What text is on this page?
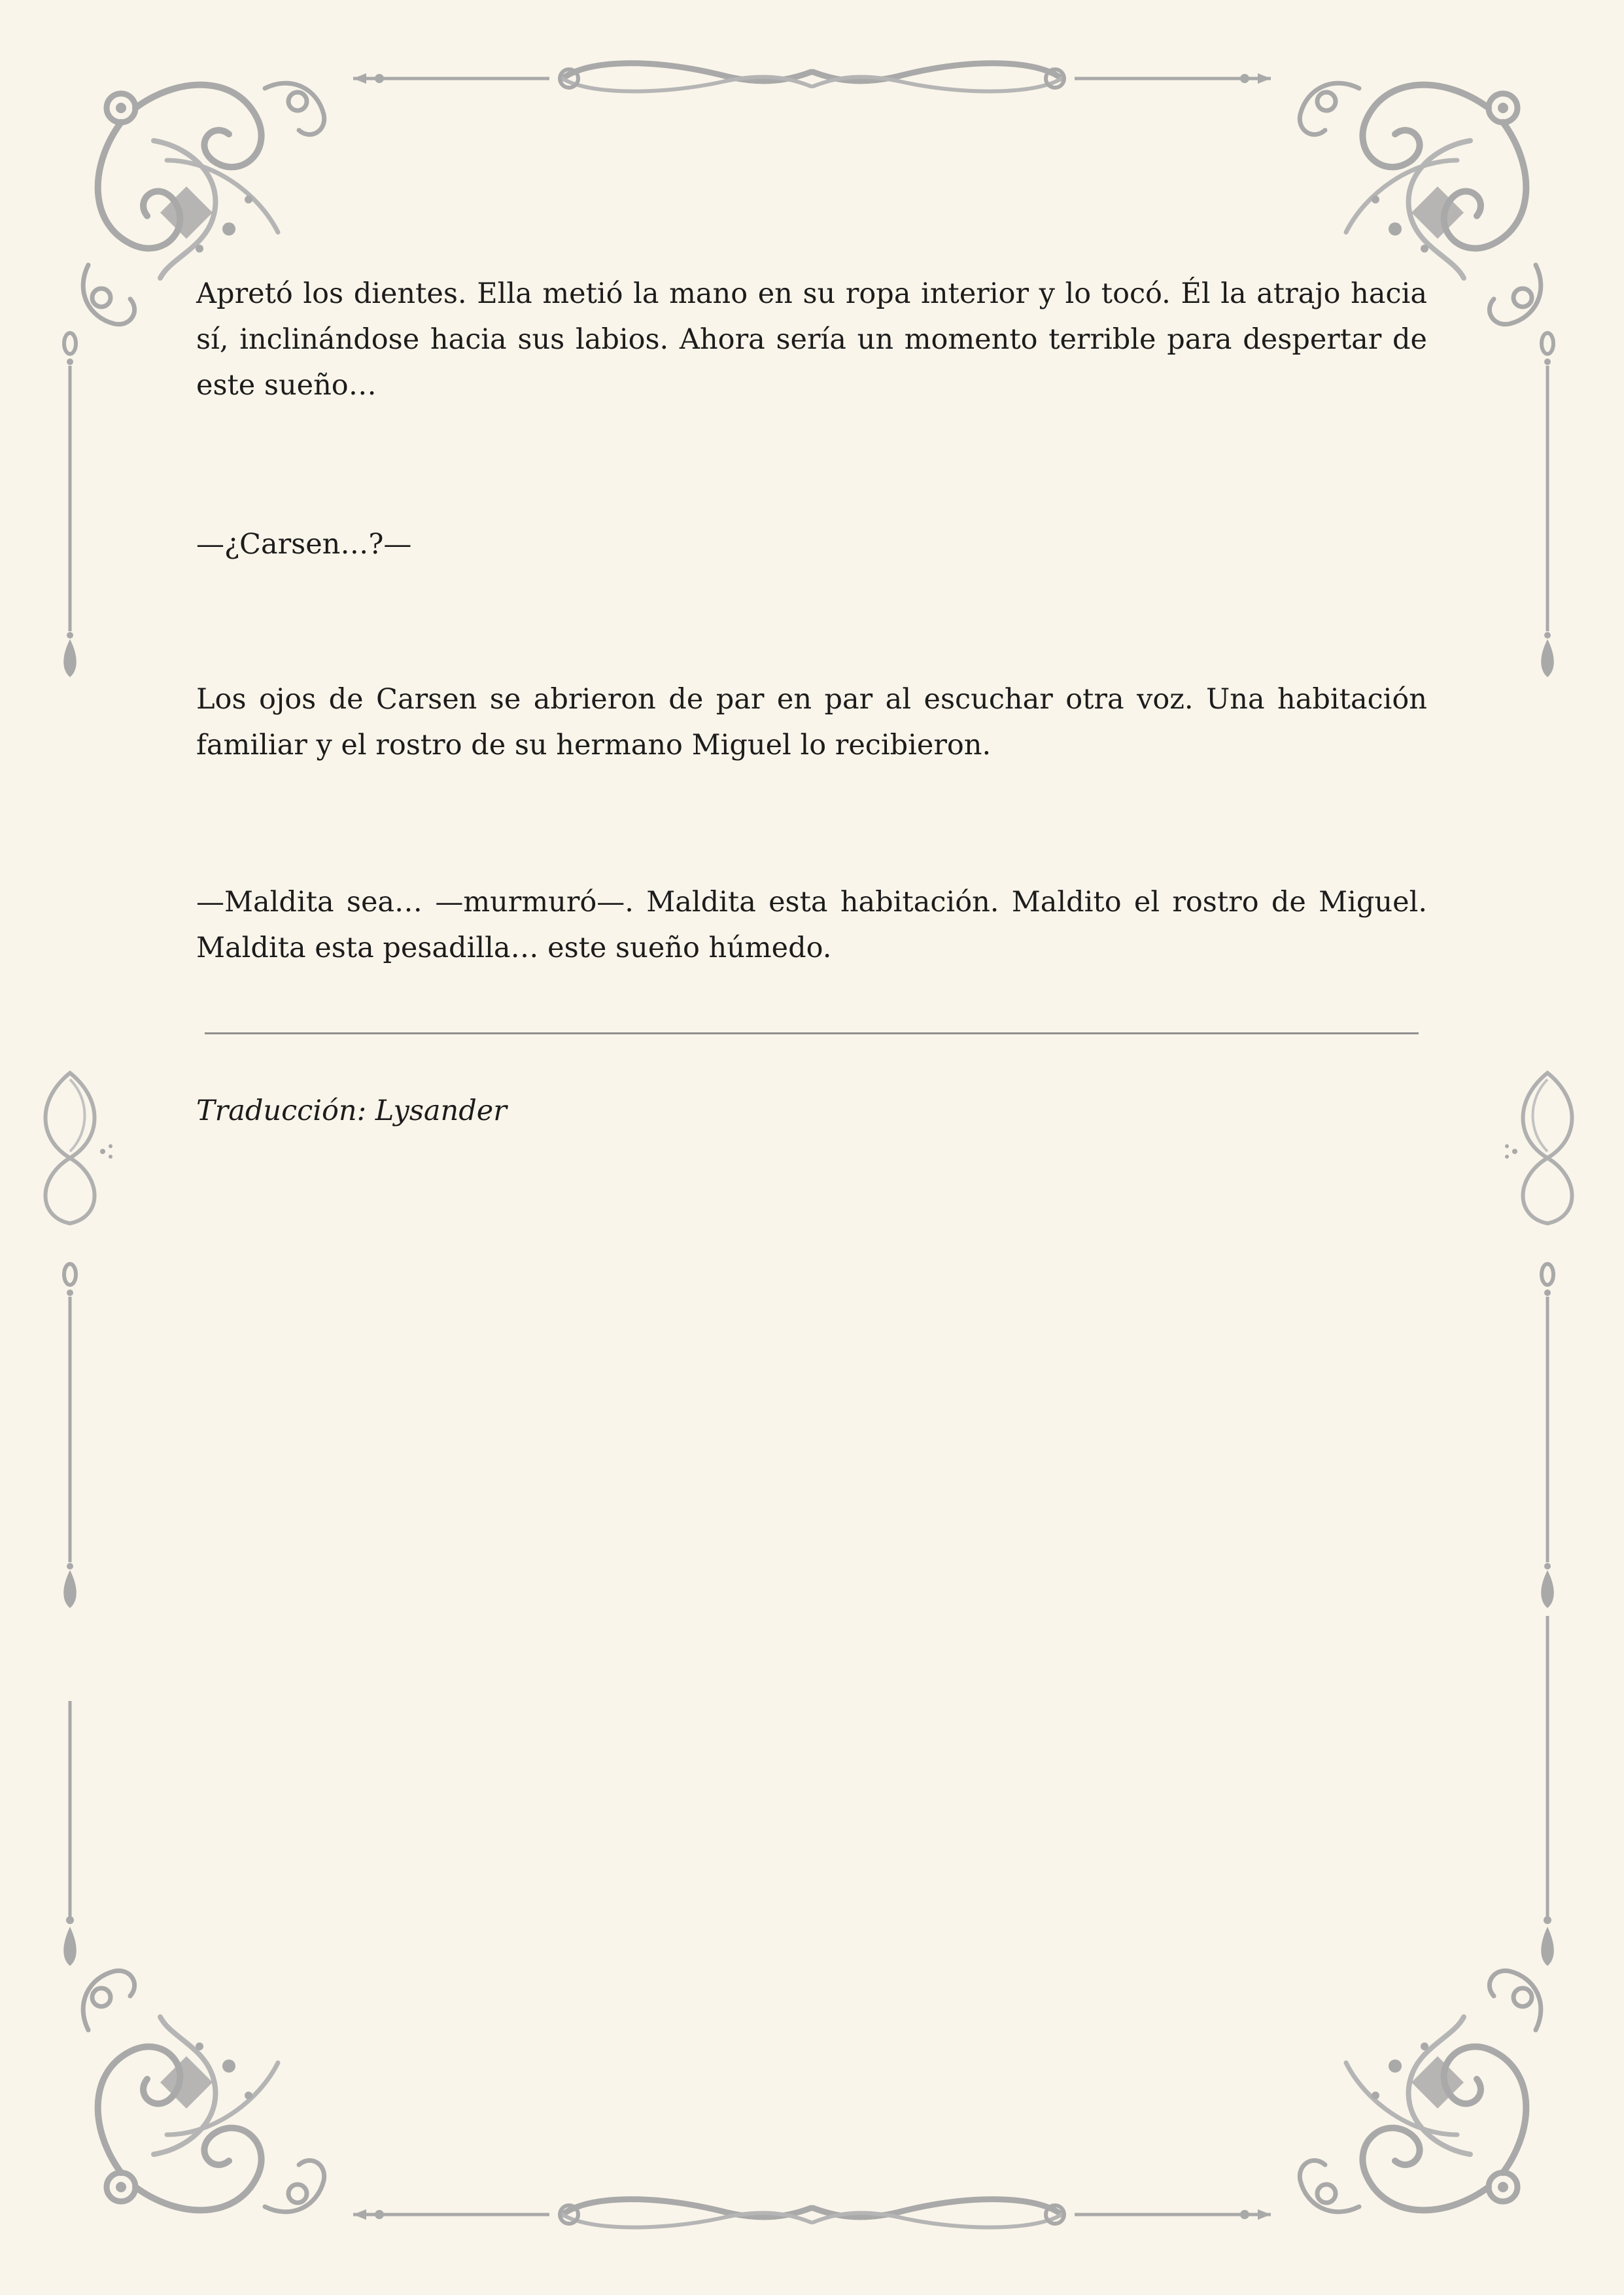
Apretó los dientes. Ella metió la mano en su ropa interior y lo tocó. Él la atrajo hacia sí, inclinándose hacia sus labios. Ahora sería un momento terrible para despertar de este sueño…

—¿Carsen…?—

Los ojos de Carsen se abrieron de par en par al escuchar otra voz. Una habitación familiar y el rostro de su hermano Miguel lo recibieron.

—Maldita sea… —murmuró—. Maldita esta habitación. Maldito el rostro de Miguel. Maldita esta pesadilla… este sueño húmedo.

Traducción: Lysander
